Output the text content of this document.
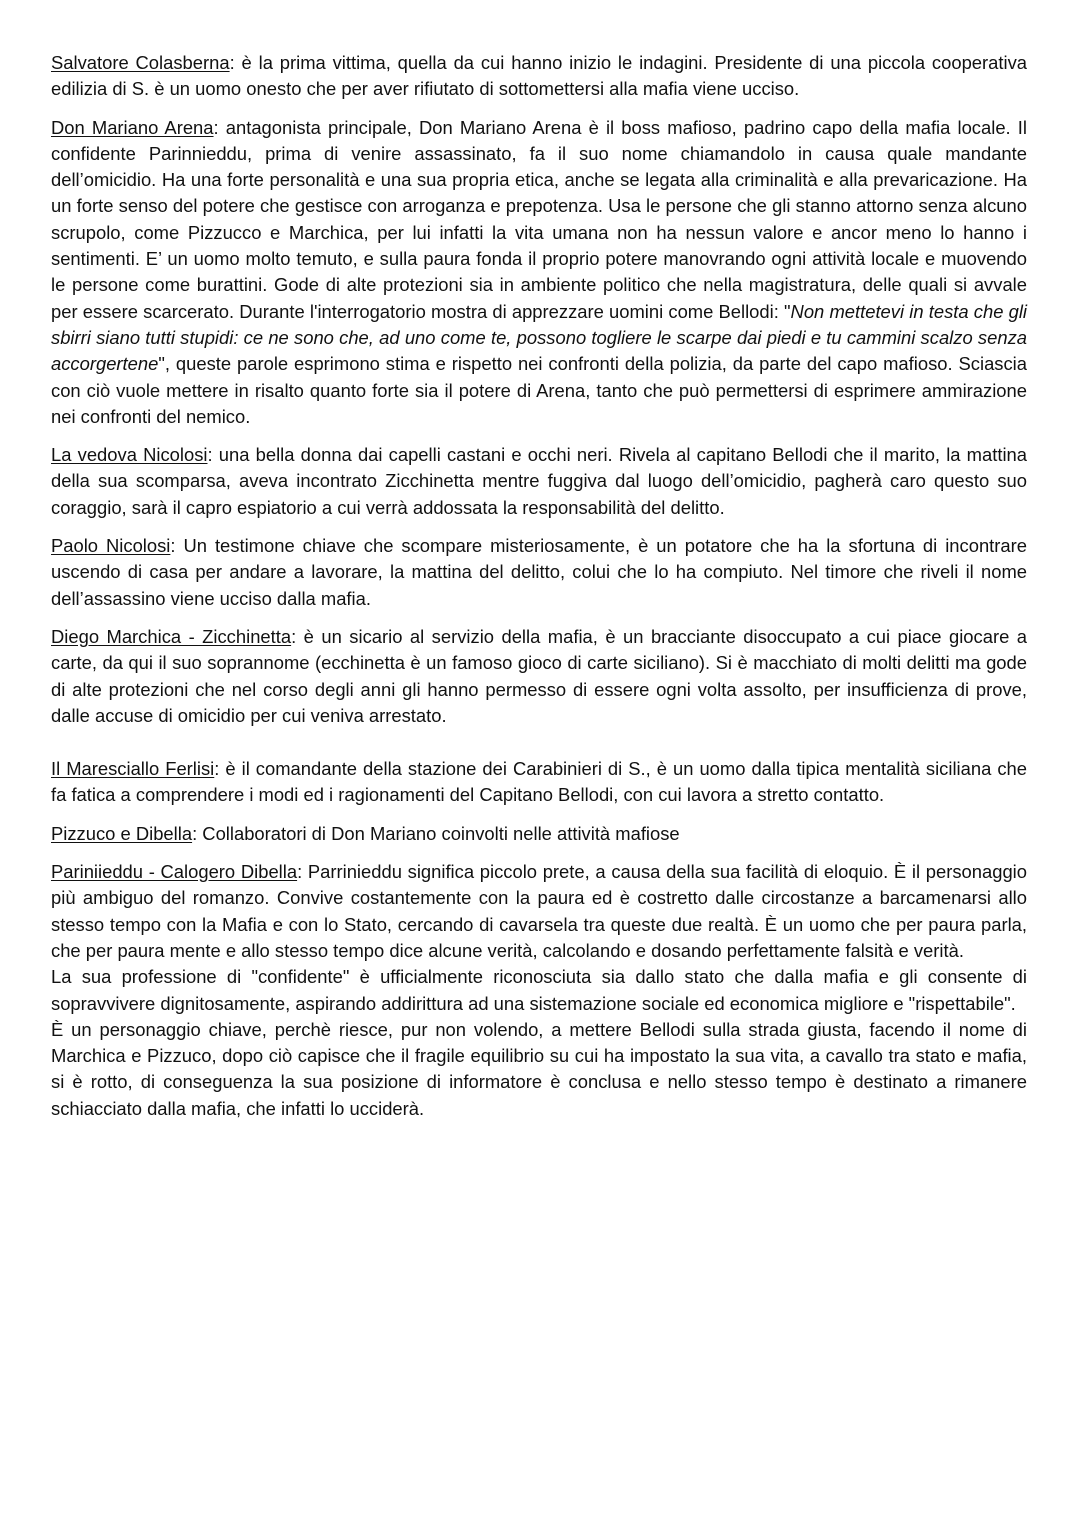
Salvatore Colasberna: è la prima vittima, quella da cui hanno inizio le indagini. Presidente di una piccola cooperativa edilizia di S. è un uomo onesto che per aver rifiutato di sottomettersi alla mafia viene ucciso.

Don Mariano Arena: antagonista principale, Don Mariano Arena è il boss mafioso, padrino capo della mafia locale. Il confidente Parinnieddu, prima di venire assassinato, fa il suo nome chiamandolo in causa quale mandante dell’omicidio. Ha una forte personalità e una sua propria etica, anche se legata alla criminalità e alla prevaricazione. Ha un forte senso del potere che gestisce con arroganza e prepotenza. Usa le persone che gli stanno attorno senza alcuno scrupolo, come Pizzucco e Marchica, per lui infatti la vita umana non ha nessun valore e ancor meno lo hanno i sentimenti. E’ un uomo molto temuto, e sulla paura fonda il proprio potere manovrando ogni attività locale e muovendo le persone come burattini. Gode di alte protezioni sia in ambiente politico che nella magistratura, delle quali si avvale per essere scarcerato. Durante l'interrogatorio mostra di apprezzare uomini come Bellodi: "Non mettetevi in testa che gli sbirri siano tutti stupidi: ce ne sono che, ad uno come te, possono togliere le scarpe dai piedi e tu cammini scalzo senza accorgertene", queste parole esprimono stima e rispetto nei confronti della polizia, da parte del capo mafioso. Sciascia con ciò vuole mettere in risalto quanto forte sia il potere di Arena, tanto che può permettersi di esprimere ammirazione nei confronti del nemico.

La vedova Nicolosi: una bella donna dai capelli castani e occhi neri. Rivela al capitano Bellodi che il marito, la mattina della sua scomparsa, aveva incontrato Zicchinetta mentre fuggiva dal luogo dell’omicidio, pagherà caro questo suo coraggio, sarà il capro espiatorio a cui verrà addossata la responsabilità del delitto.

Paolo Nicolosi: Un testimone chiave che scompare misteriosamente, è un potatore che ha la sfortuna di incontrare uscendo di casa per andare a lavorare, la mattina del delitto, colui che lo ha compiuto. Nel timore che riveli il nome dell’assassino viene ucciso dalla mafia.

Diego Marchica - Zicchinetta: è un sicario al servizio della mafia, è un bracciante disoccupato a cui piace giocare a carte, da qui il suo soprannome (ecchinetta è un famoso gioco di carte siciliano). Si è macchiato di molti delitti ma gode di alte protezioni che nel corso degli anni gli hanno permesso di essere ogni volta assolto, per insufficienza di prove, dalle accuse di omicidio per cui veniva arrestato.

Il Maresciallo Ferlisi: è il comandante della stazione dei Carabinieri di S., è un uomo dalla tipica mentalità siciliana che fa fatica a comprendere i modi ed i ragionamenti del Capitano Bellodi, con cui lavora a stretto contatto.

Pizzuco e Dibella: Collaboratori di Don Mariano coinvolti nelle attività mafiose

Pariniieddu - Calogero Dibella: Parrinieddu significa piccolo prete, a causa della sua facilità di eloquio. È il personaggio più ambiguo del romanzo. Convive costantemente con la paura ed è costretto dalle circostanze a barcamenarsi allo stesso tempo con la Mafia e con lo Stato, cercando di cavarsela tra queste due realtà. È un uomo che per paura parla, che per paura mente e allo stesso tempo dice alcune verità, calcolando e dosando perfettamente falsità e verità.
La sua professione di "confidente" è ufficialmente riconosciuta sia dallo stato che dalla mafia e gli consente di sopravvivere dignitosamente, aspirando addirittura ad una sistemazione sociale ed economica migliore e "rispettabile".
È un personaggio chiave, perchè riesce, pur non volendo, a mettere Bellodi sulla strada giusta, facendo il nome di Marchica e Pizzuco, dopo ciò capisce che il fragile equilibrio su cui ha impostato la sua vita, a cavallo tra stato e mafia, si è rotto, di conseguenza la sua posizione di informatore è conclusa e nello stesso tempo è destinato a rimanere schiacciato dalla mafia, che infatti lo ucciderà.
